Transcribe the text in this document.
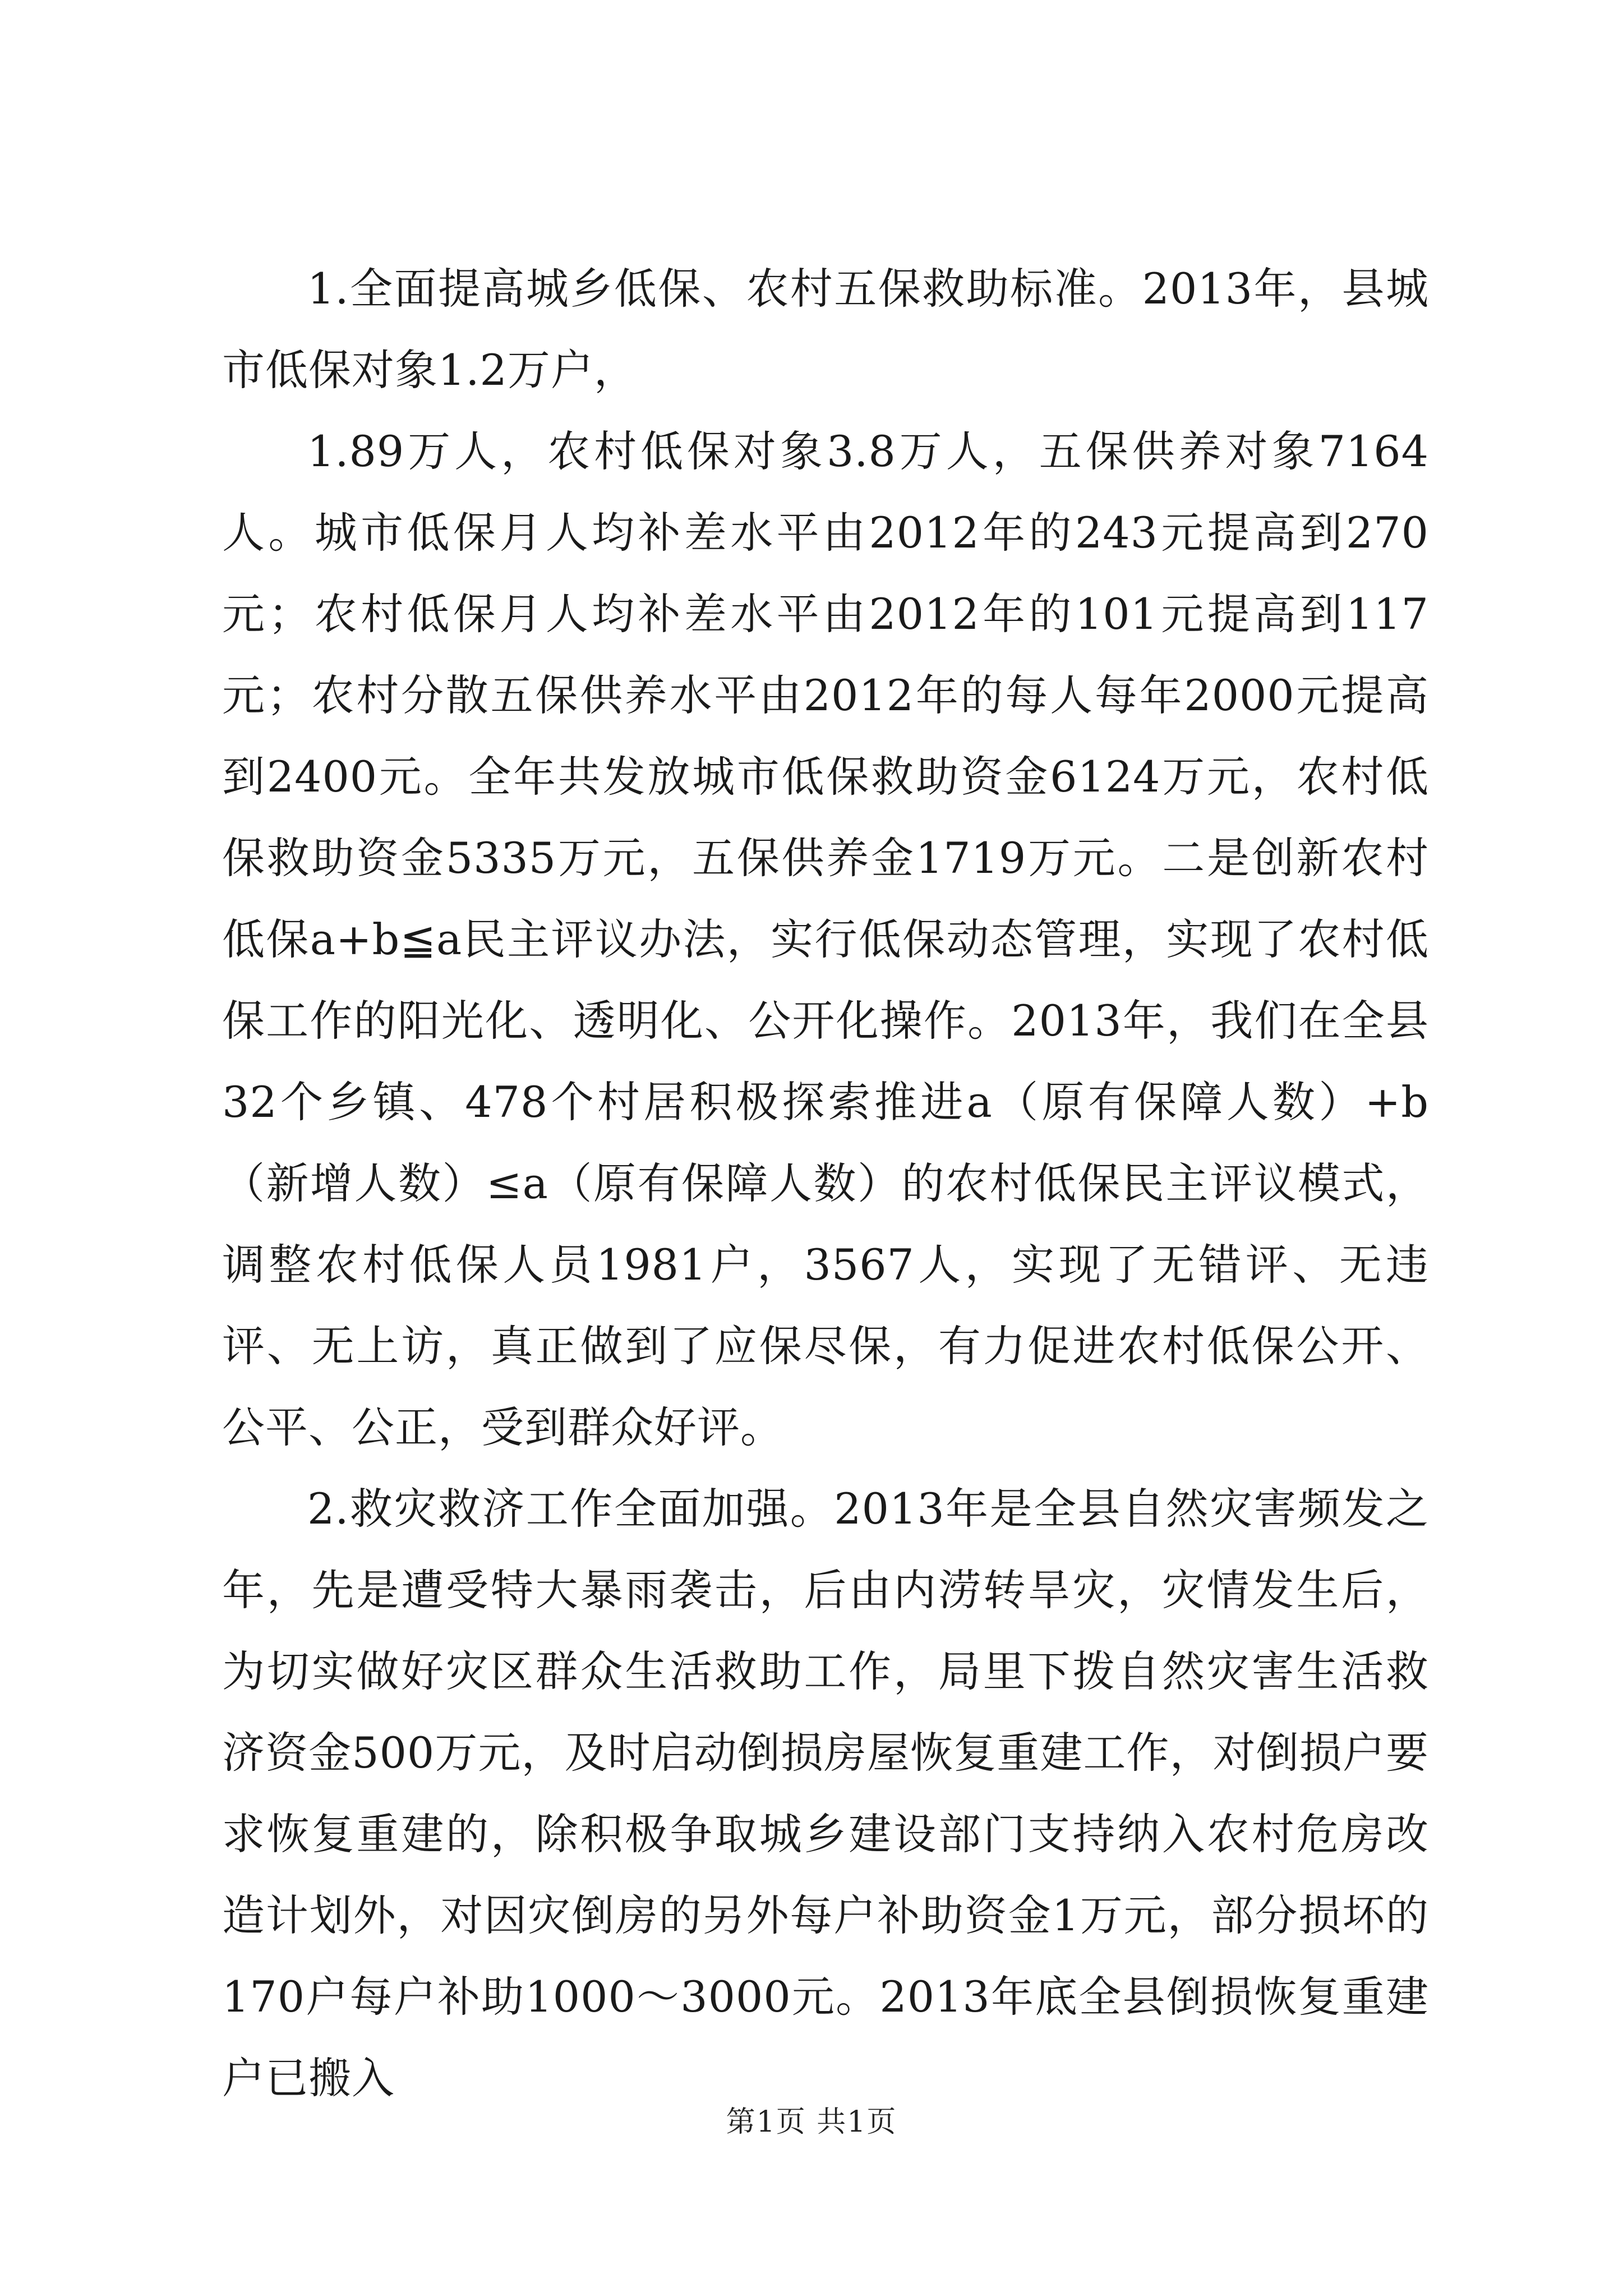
1.全面提高城乡低保、农村五保救助标准。2013年，县城市低保对象1.2万户，

1.89万人，农村低保对象3.8万人，五保供养对象7164人。城市低保月人均补差水平由2012年的243元提高到270元；农村低保月人均补差水平由2012年的101元提高到117元；农村分散五保供养水平由2012年的每人每年2000元提高到2400元。全年共发放城市低保救助资金6124万元，农村低保救助资金5335万元，五保供养金1719万元。二是创新农村低保a+b≦a民主评议办法，实行低保动态管理，实现了农村低保工作的阳光化、透明化、公开化操作。2013年，我们在全县32个乡镇、478个村居积极探索推进a（原有保障人数）+b（新增人数）≤a（原有保障人数）的农村低保民主评议模式，调整农村低保人员1981户，3567人，实现了无错评、无违评、无上访，真正做到了应保尽保，有力促进农村低保公开、公平、公正，受到群众好评。

2.救灾救济工作全面加强。2013年是全县自然灾害频发之年，先是遭受特大暴雨袭击，后由内涝转旱灾，灾情发生后，为切实做好灾区群众生活救助工作，局里下拨自然灾害生活救济资金500万元，及时启动倒损房屋恢复重建工作，对倒损户要求恢复重建的，除积极争取城乡建设部门支持纳入农村危房改造计划外，对因灾倒房的另外每户补助资金1万元，部分损坏的170户每户补助1000～3000元。2013年底全县倒损恢复重建户已搬入

第1页 共1页
